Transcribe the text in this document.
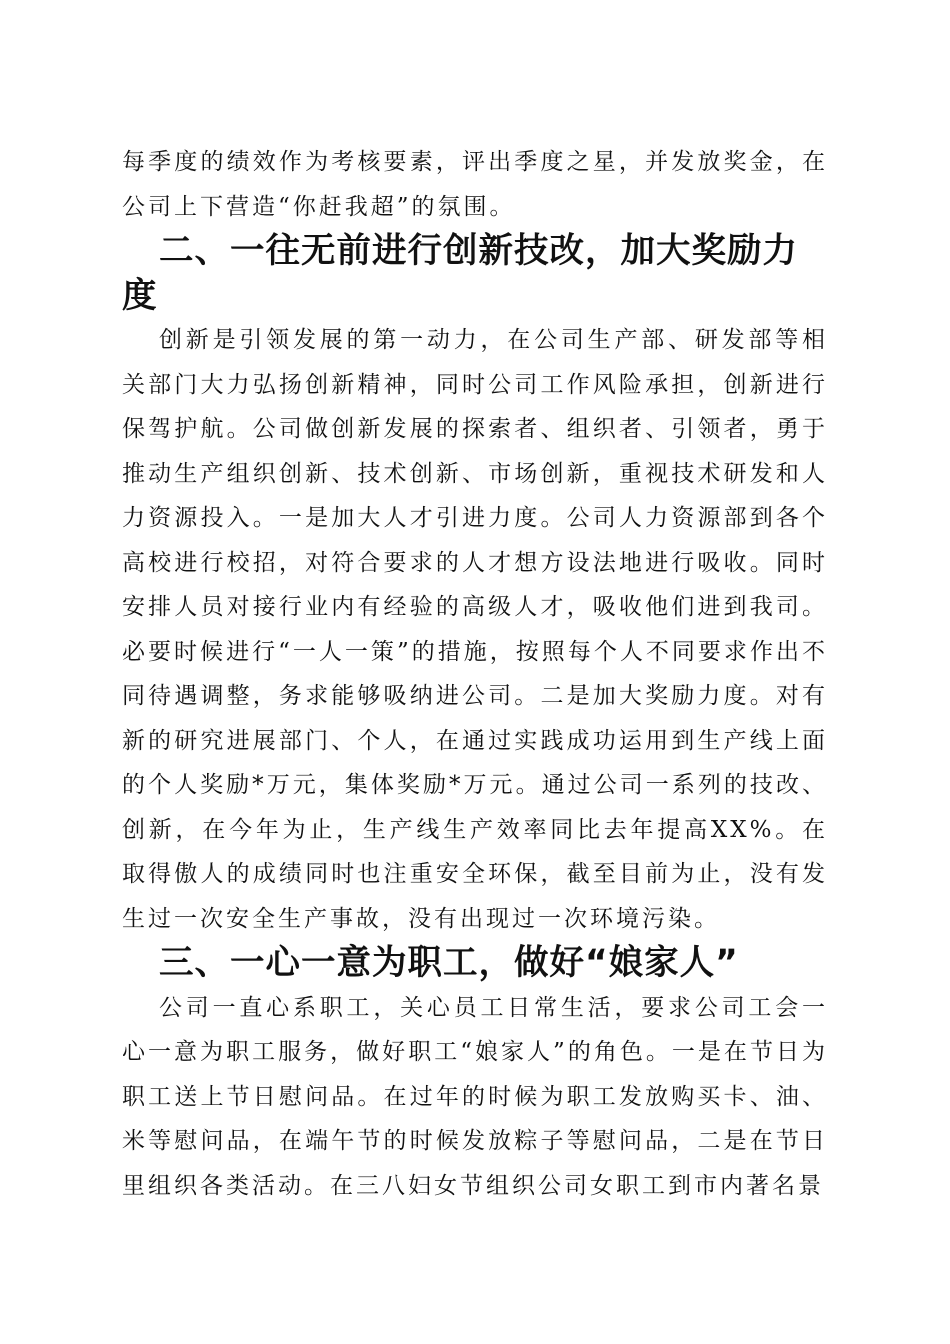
每季度的绩效作为考核要素，评出季度之星，并发放奖金，在公司上下营造“你赶我超”的氛围。

二、一往无前进行创新技改，加大奖励力度

创新是引领发展的第一动力，在公司生产部、研发部等相关部门大力弘扬创新精神，同时公司工作风险承担，创新进行保驾护航。公司做创新发展的探索者、组织者、引领者，勇于推动生产组织创新、技术创新、市场创新，重视技术研发和人力资源投入。一是加大人才引进力度。公司人力资源部到各个高校进行校招，对符合要求的人才想方设法地进行吸收。同时安排人员对接行业内有经验的高级人才，吸收他们进到我司。必要时候进行“一人一策”的措施，按照每个人不同要求作出不同待遇调整，务求能够吸纳进公司。二是加大奖励力度。对有新的研究进展部门、个人，在通过实践成功运用到生产线上面的个人奖励*万元，集体奖励*万元。通过公司一系列的技改、创新，在今年为止，生产线生产效率同比去年提高XX%。在取得傲人的成绩同时也注重安全环保，截至目前为止，没有发生过一次安全生产事故，没有出现过一次环境污染。

三、一心一意为职工，做好“娘家人”

公司一直心系职工，关心员工日常生活，要求公司工会一心一意为职工服务，做好职工“娘家人”的角色。一是在节日为职工送上节日慰问品。在过年的时候为职工发放购买卡、油、米等慰问品，在端午节的时候发放粽子等慰问品，二是在节日里组织各类活动。在三八妇女节组织公司女职工到市内著名景
